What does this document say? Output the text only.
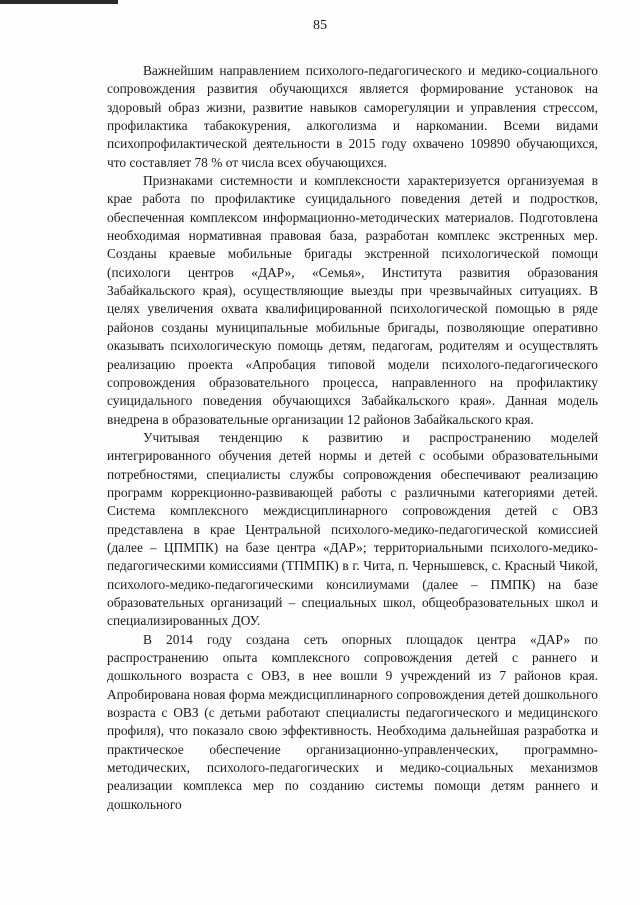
85

Важнейшим направлением психолого-педагогического и медико-социального сопровождения развития обучающихся является формирование установок на здоровый образ жизни, развитие навыков саморегуляции и управления стрессом, профилактика табакокурения, алкоголизма и наркомании. Всеми видами психопрофилактической деятельности в 2015 году охвачено 109890 обучающихся, что составляет 78 % от числа всех обучающихся.

Признаками системности и комплексности характеризуется организуемая в крае работа по профилактике суицидального поведения детей и подростков, обеспеченная комплексом информационно-методических материалов. Подготовлена необходимая нормативная правовая база, разработан комплекс экстренных мер. Созданы краевые мобильные бригады экстренной психологической помощи (психологи центров «ДАР», «Семья», Института развития образования Забайкальского края), осуществляющие выезды при чрезвычайных ситуациях. В целях увеличения охвата квалифицированной психологической помощью в ряде районов созданы муниципальные мобильные бригады, позволяющие оперативно оказывать психологическую помощь детям, педагогам, родителям и осуществлять реализацию проекта «Апробация типовой модели психолого-педагогического сопровождения образовательного процесса, направленного на профилактику суицидального поведения обучающихся Забайкальского края». Данная модель внедрена в образовательные организации 12 районов Забайкальского края.

Учитывая тенденцию к развитию и распространению моделей интегрированного обучения детей нормы и детей с особыми образовательными потребностями, специалисты службы сопровождения обеспечивают реализацию программ коррекционно-развивающей работы с различными категориями детей. Система комплексного междисциплинарного сопровождения детей с ОВЗ представлена в крае Центральной психолого-медико-педагогической комиссией (далее – ЦПМПК) на базе центра «ДАР»; территориальными психолого-медико-педагогическими комиссиями (ТПМПК) в г. Чита, п. Чернышевск, с. Красный Чикой, психолого-медико-педагогическими консилиумами (далее – ПМПК) на базе образовательных организаций – специальных школ, общеобразовательных школ и специализированных ДОУ.

В 2014 году создана сеть опорных площадок центра «ДАР» по распространению опыта комплексного сопровождения детей с раннего и дошкольного возраста с ОВЗ, в нее вошли 9 учреждений из 7 районов края. Апробирована новая форма междисциплинарного сопровождения детей дошкольного возраста с ОВЗ (с детьми работают специалисты педагогического и медицинского профиля), что показало свою эффективность. Необходима дальнейшая разработка и практическое обеспечение организационно-управленческих, программно-методических, психолого-педагогических и медико-социальных механизмов реализации комплекса мер по созданию системы помощи детям раннего и дошкольного
